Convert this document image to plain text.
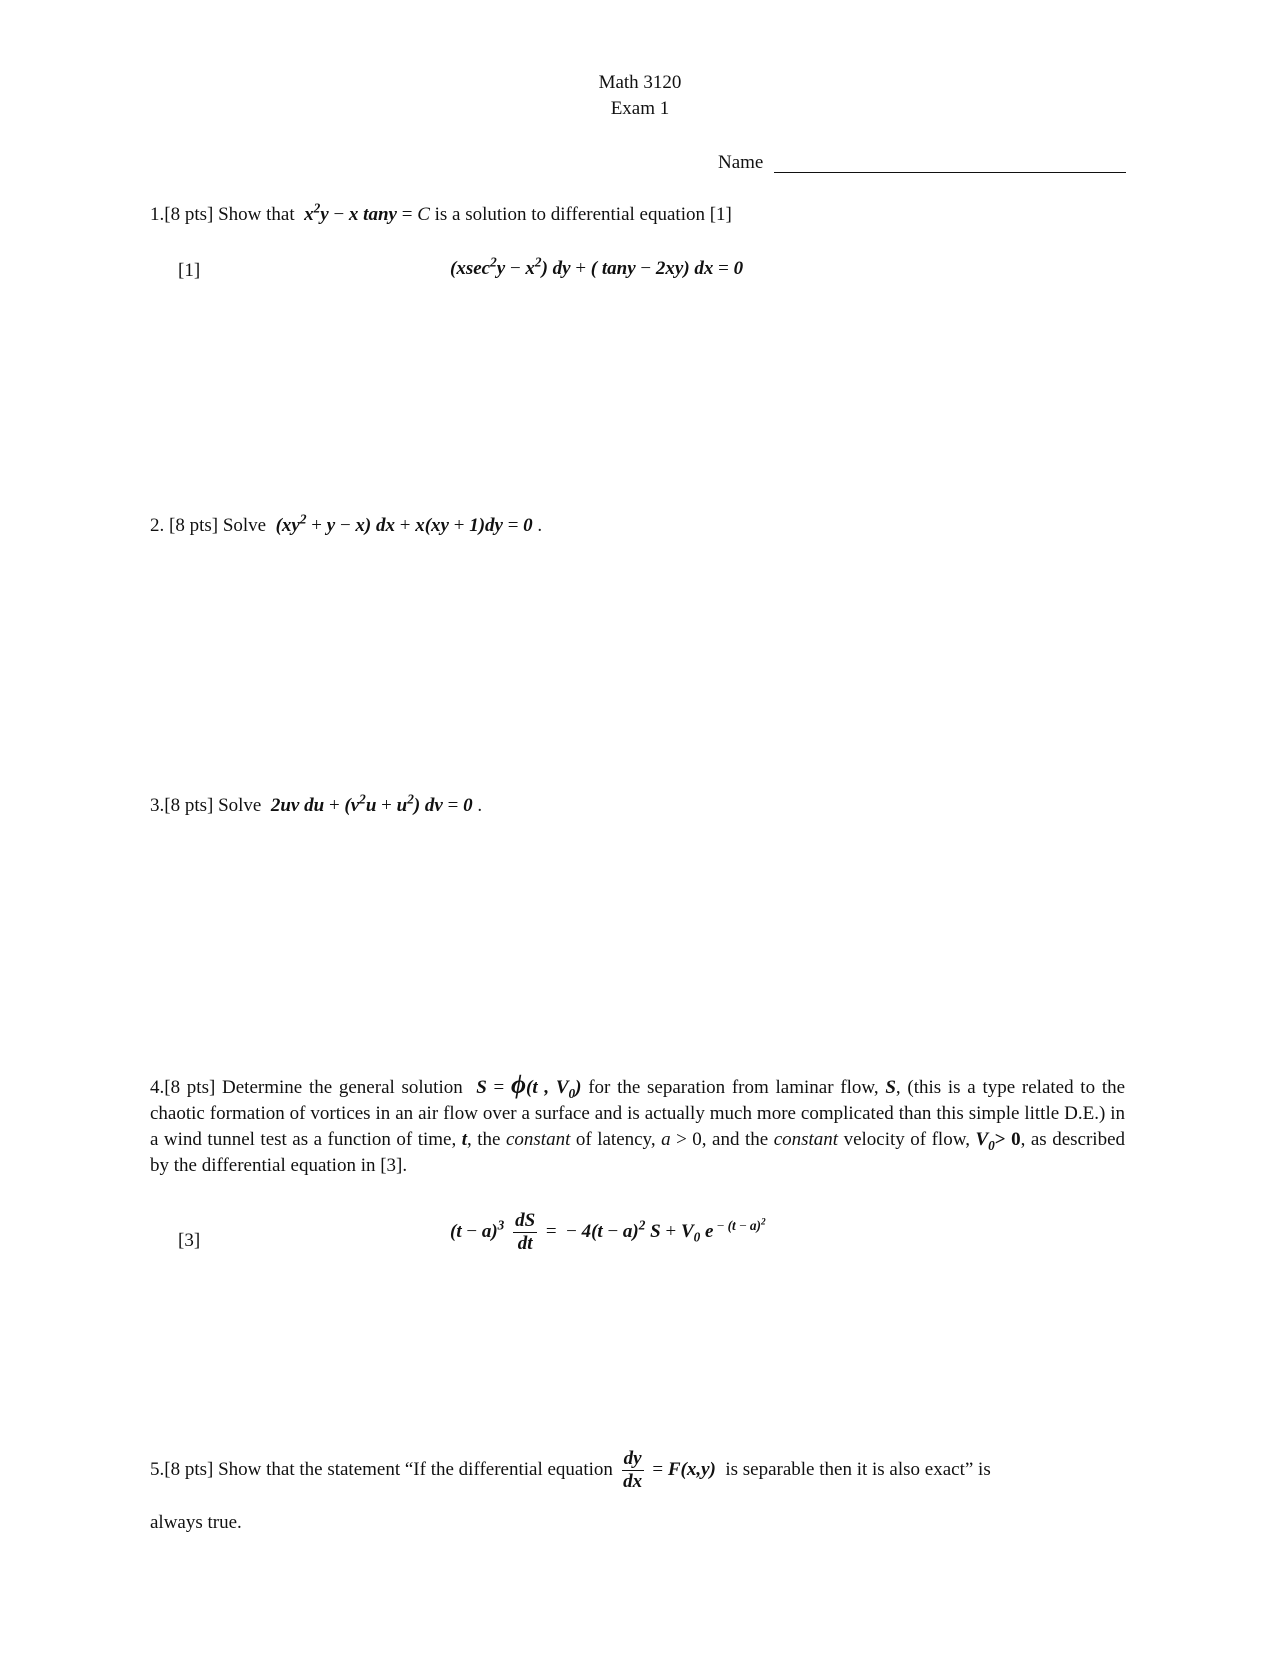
Math 3120
Exam 1
Name
1.[8 pts] Show that  $x^2y - x$ tany = C is a solution to differential equation [1]
[1]	$(xsec^2y - x^2)$ dy + ( tany − 2xy) dx = 0
2. [8 pts] Solve  $(xy^2 + y - x)$ dx + x(xy + 1)dy = 0 .
3.[8 pts] Solve 2uv du + $(v^2u + u^2)$ dv = 0 .
4.[8 pts] Determine the general solution  S = ϕ(t , $V_0$) for the separation from laminar flow, S, (this is a type related to the chaotic formation of vortices in an air flow over a surface and is actually much more complicated than this simple little D.E.) in a wind tunnel test as a function of time, t, the constant of latency, a > 0, and the constant velocity of flow, $V_0> 0$, as described by the differential equation in [3].
[3]	$(t - a)^3 \frac{dS}{dt}$ = − $4(t - a)^2$ $S + V_0$ e $^{- (t - a)^2}$
5.[8 pts] Show that the statement “If the differential equation $\frac{dy}{dx} = F(x,y)$ is separable then it is also exact” is
always true.
